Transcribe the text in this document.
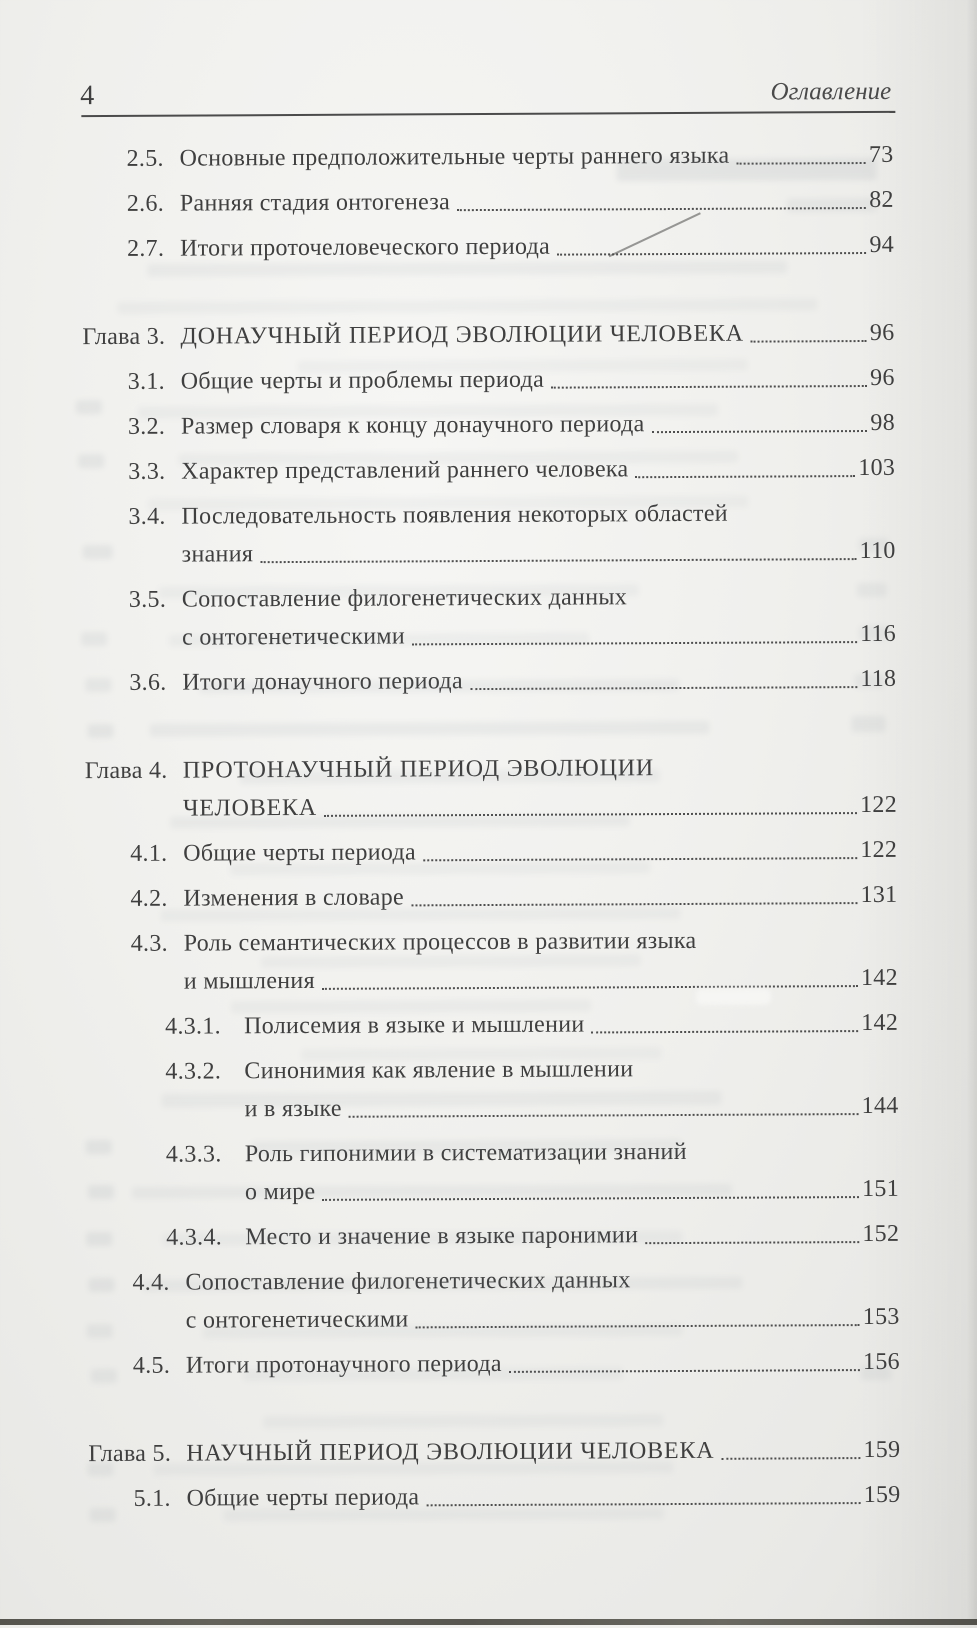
4	Оглавление
2.5. Основные предположительные черты раннего языка	73
2.6. Ранняя стадия онтогенеза	82
2.7. Итоги проточеловеческого периода	94
Глава 3. ДОНАУЧНЫЙ ПЕРИОД ЭВОЛЮЦИИ ЧЕЛОВЕКА	96
3.1. Общие черты и проблемы периода	96
3.2. Размер словаря к концу донаучного периода	98
3.3. Характер представлений раннего человека	103
3.4. Последовательность появления некоторых областей
знания	110
3.5. Сопоставление филогенетических данных
с онтогенетическими	116
3.6. Итоги донаучного периода	118
Глава 4. ПРОТОНАУЧНЫЙ ПЕРИОД ЭВОЛЮЦИИ
ЧЕЛОВЕКА	122
4.1. Общие черты периода	122
4.2. Изменения в словаре	131
4.3. Роль семантических процессов в развитии языка
и мышления	142
4.3.1. Полисемия в языке и мышлении	142
4.3.2. Синонимия как явление в мышлении
и в языке	144
4.3.3. Роль гипонимии в систематизации знаний
о мире	151
4.3.4. Место и значение в языке паронимии	152
4.4. Сопоставление филогенетических данных
с онтогенетическими	153
4.5. Итоги протонаучного периода	156
Глава 5. НАУЧНЫЙ ПЕРИОД ЭВОЛЮЦИИ ЧЕЛОВЕКА	159
5.1. Общие черты периода	159
